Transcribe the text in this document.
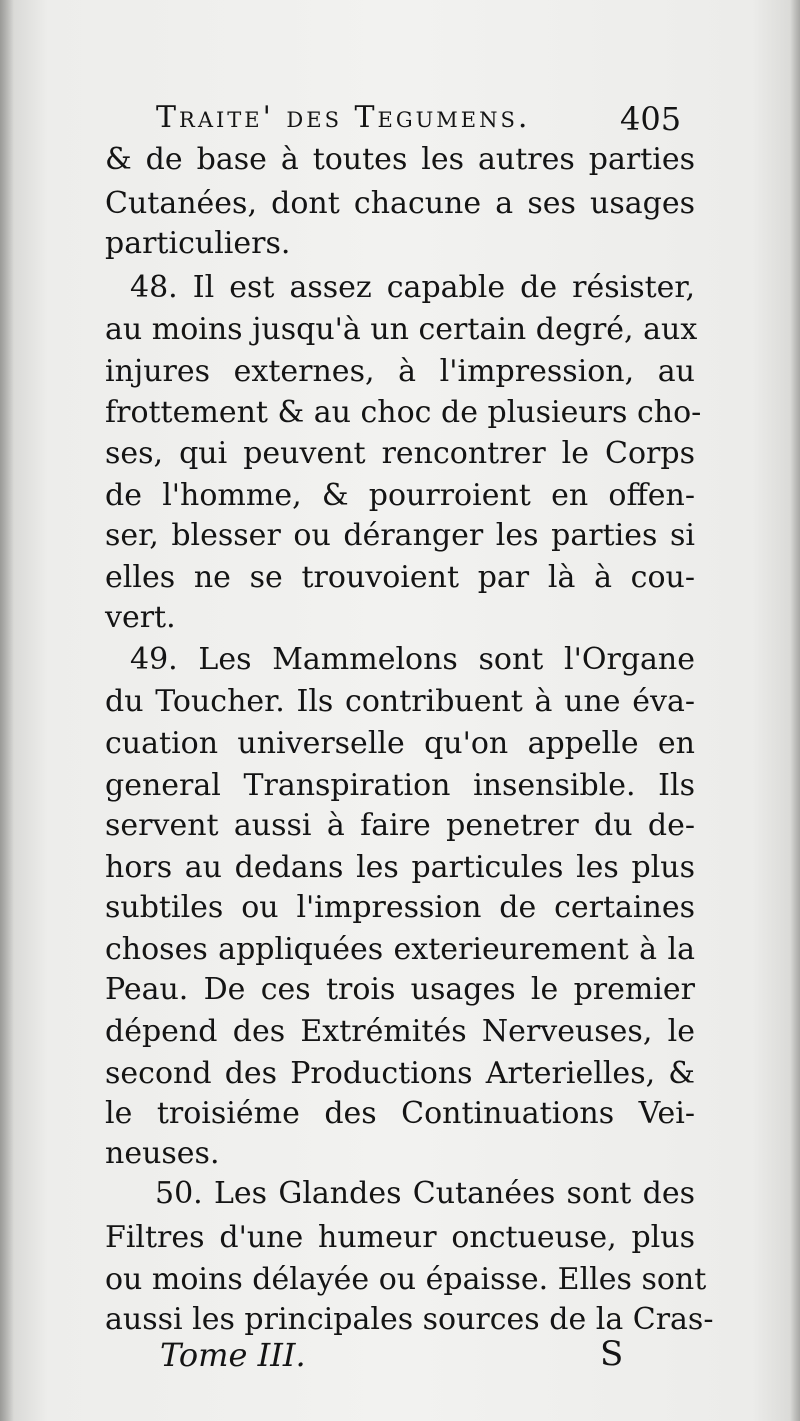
Traite' des Tegumens.	405
& de base à toutes les autres parties
Cutanées, dont chacune a ses usages
particuliers.
48. Il est assez capable de résister,
au moins jusqu'à un certain degré, aux
injures externes, à l'impression, au
frottement & au choc de plusieurs cho-
ses, qui peuvent rencontrer le Corps
de l'homme, & pourroient en offen-
ser, blesser ou déranger les parties si
elles ne se trouvoient par là à cou-
vert.
49. Les Mammelons sont l'Organe
du Toucher. Ils contribuent à une éva-
cuation universelle qu'on appelle en
general Transpiration insensible. Ils
servent aussi à faire penetrer du de-
hors au dedans les particules les plus
subtiles ou l'impression de certaines
choses appliquées exterieurement à la
Peau. De ces trois usages le premier
dépend des Extrémités Nerveuses, le
second des Productions Arterielles, &
le troisiéme des Continuations Vei-
neuses.
50. Les Glandes Cutanées sont des
Filtres d'une humeur onctueuse, plus
ou moins délayée ou épaisse. Elles sont
aussi les principales sources de la Cras-
Tome III.	S
